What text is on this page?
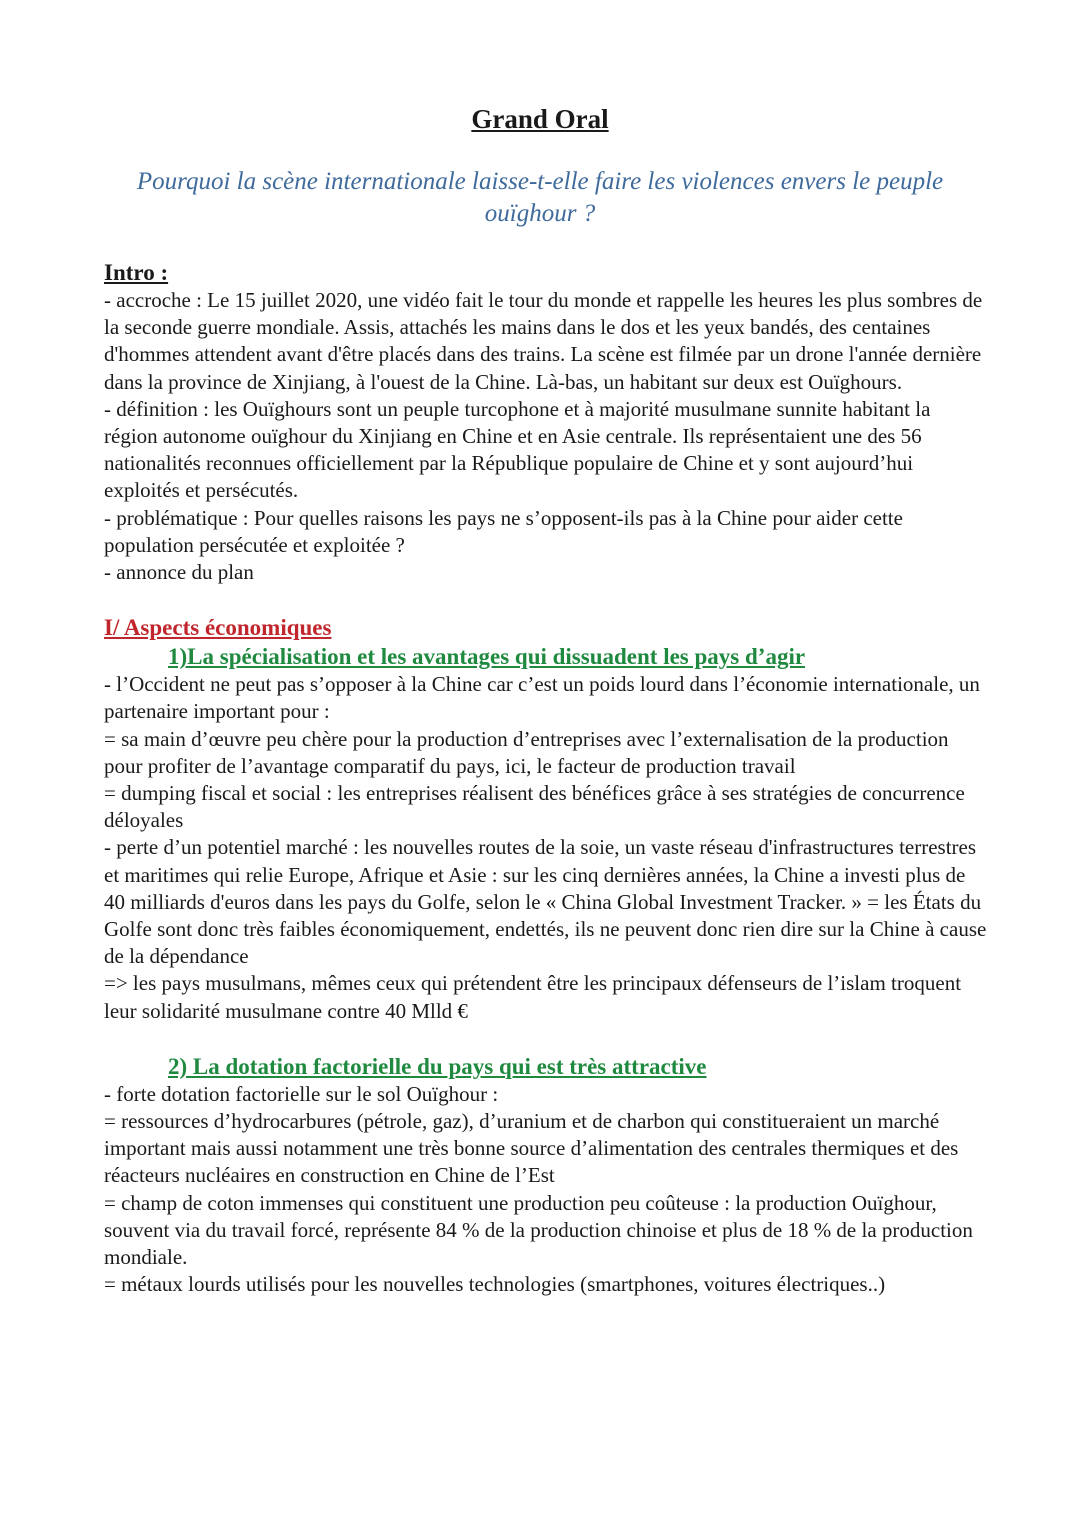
Grand Oral

Pourquoi la scène internationale laisse-t-elle faire les violences envers le peuple ouïghour ?

Intro :

- accroche : Le 15 juillet 2020, une vidéo fait le tour du monde et rappelle les heures les plus sombres de la seconde guerre mondiale. Assis, attachés les mains dans le dos et les yeux bandés, des centaines d'hommes attendent avant d'être placés dans des trains. La scène est filmée par un drone l'année dernière dans la province de Xinjiang, à l'ouest de la Chine. Là-bas, un habitant sur deux est Ouïghours.

- définition : les Ouïghours sont un peuple turcophone et à majorité musulmane sunnite habitant la région autonome ouïghour du Xinjiang en Chine et en Asie centrale. Ils représentaient une des 56 nationalités reconnues officiellement par la République populaire de Chine et y sont aujourd’hui exploités et persécutés.

- problématique : Pour quelles raisons les pays ne s’opposent-ils pas à la Chine pour aider cette population persécutée et exploitée ?

- annonce du plan

I/ Aspects économiques

1)La spécialisation et les avantages qui dissuadent les pays d’agir

- l’Occident ne peut pas s’opposer à la Chine car c’est un poids lourd dans l’économie internationale, un partenaire important pour :

= sa main d’œuvre peu chère pour la production d’entreprises avec l’externalisation de la production pour profiter de l’avantage comparatif du pays, ici, le facteur de production travail

= dumping fiscal et social : les entreprises réalisent des bénéfices grâce à ses stratégies de concurrence déloyales

- perte d’un potentiel marché : les nouvelles routes de la soie, un vaste réseau d'infrastructures terrestres et maritimes qui relie Europe, Afrique et Asie : sur les cinq dernières années, la Chine a investi plus de 40 milliards d'euros dans les pays du Golfe, selon le « China Global Investment Tracker. » = les États du Golfe sont donc très faibles économiquement, endettés, ils ne peuvent donc rien dire sur la Chine à cause de la dépendance

=> les pays musulmans, mêmes ceux qui prétendent être les principaux défenseurs de l’islam troquent leur solidarité musulmane contre 40 Mlld €

2) La dotation factorielle du pays qui est très attractive

- forte dotation factorielle sur le sol Ouïghour :

= ressources d’hydrocarbures (pétrole, gaz), d’uranium et de charbon qui constitueraient un marché important mais aussi notamment une très bonne source d’alimentation des centrales thermiques et des réacteurs nucléaires en construction en Chine de l’Est

= champ de coton immenses qui constituent une production peu coûteuse : la production Ouïghour, souvent via du travail forcé, représente 84 % de la production chinoise et plus de 18 % de la production mondiale.

= métaux lourds utilisés pour les nouvelles technologies (smartphones, voitures électriques..)
